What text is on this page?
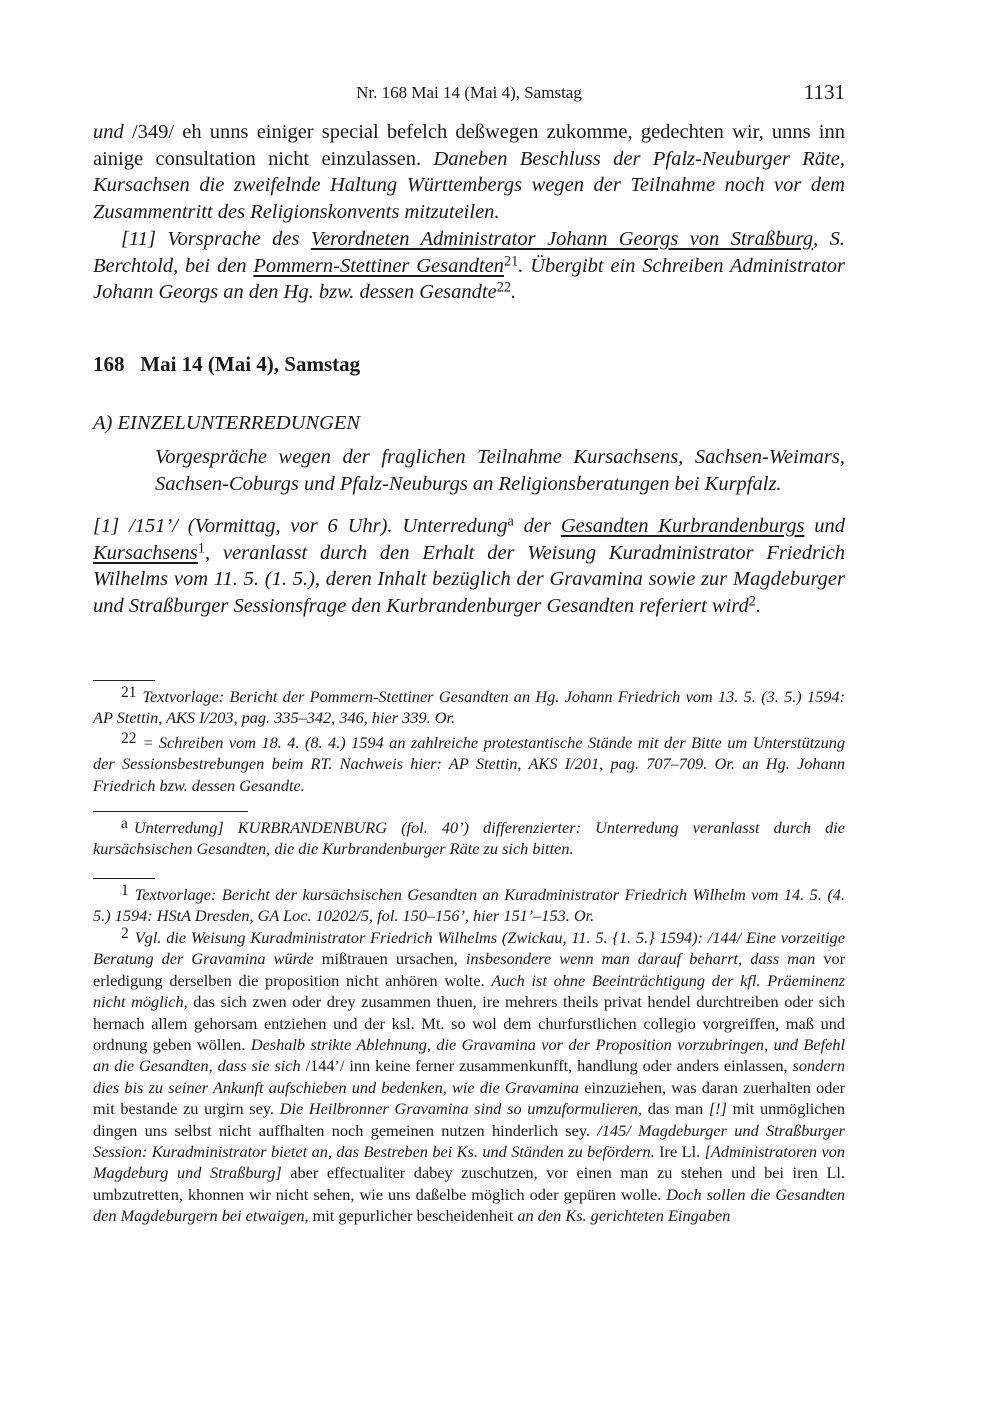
Nr. 168 Mai 14 (Mai 4), Samstag	1131
und /349/ eh unns einiger special befelch deßwegen zukomme, gedechten wir, unns inn ainige consultation nicht einzulassen. Daneben Beschluss der Pfalz-Neuburger Räte, Kursachsen die zweifelnde Haltung Württembergs wegen der Teilnahme noch vor dem Zusammentritt des Religionskonvents mitzuteilen.
[11] Vorsprache des Verordneten Administrator Johann Georgs von Straßburg, S. Berchtold, bei den Pommern-Stettiner Gesandten$^{21}$. Übergibt ein Schreiben Administrator Johann Georgs an den Hg. bzw. dessen Gesandte$^{22}$.
168 Mai 14 (Mai 4), Samstag
A) EINZELUNTERREDUNGEN
Vorgespräche wegen der fraglichen Teilnahme Kursachsens, Sachsen-Weimars, Sachsen-Coburgs und Pfalz-Neuburgs an Religionsberatungen bei Kurpfalz.
[1] /151’/ (Vormittag, vor 6 Uhr). Unterredung$^a$ der Gesandten Kurbrandenburgs und Kursachsens$^1$, veranlasst durch den Erhalt der Weisung Kuradministrator Friedrich Wilhelms vom 11. 5. (1. 5.), deren Inhalt bezüglich der Gravamina sowie zur Magdeburger und Straßburger Sessionsfrage den Kurbrandenburger Gesandten referiert wird$^2$.
21 Textvorlage: Bericht der Pommern-Stettiner Gesandten an Hg. Johann Friedrich vom 13. 5. (3. 5.) 1594: AP Stettin, AKS I/203, pag. 335–342, 346, hier 339. Or.
22 = Schreiben vom 18. 4. (8. 4.) 1594 an zahlreiche protestantische Stände mit der Bitte um Unterstützung der Sessionsbestrebungen beim RT. Nachweis hier: AP Stettin, AKS I/201, pag. 707–709. Or. an Hg. Johann Friedrich bzw. dessen Gesandte.
a Unterredung] KURBRANDENBURG (fol. 40’) differenzierter: Unterredung veranlasst durch die kursächsischen Gesandten, die die Kurbrandenburger Räte zu sich bitten.
1 Textvorlage: Bericht der kursächsischen Gesandten an Kuradministrator Friedrich Wilhelm vom 14. 5. (4. 5.) 1594: HStA Dresden, GA Loc. 10202/5, fol. 150–156’, hier 151’–153. Or.
2 Vgl. die Weisung Kuradministrator Friedrich Wilhelms (Zwickau, 11. 5. {1. 5.} 1594): /144/ Eine vorzeitige Beratung der Gravamina würde mißtrauen ursachen, insbesondere wenn man darauf beharrt, dass man vor erledigung derselben die proposition nicht anhören wolte. Auch ist ohne Beeinträchtigung der kfl. Präeminenz nicht möglich, das sich zwen oder drey zusammen thuen, ire mehrers theils privat hendel durchtreiben oder sich hernach allem gehorsam entziehen und der ksl. Mt. so wol dem churfurstlichen collegio vorgreiffen, maß und ordnung geben wöllen. Deshalb strikte Ablehnung, die Gravamina vor der Proposition vorzubringen, und Befehl an die Gesandten, dass sie sich /144’/ inn keine ferner zusammenkunfft, handlung oder anders einlassen, sondern dies bis zu seiner Ankunft aufschieben und bedenken, wie die Gravamina einzuziehen, was daran zuerhalten oder mit bestande zu urgirn sey. Die Heilbronner Gravamina sind so umzuformulieren, das man [!] mit unmöglichen dingen uns selbst nicht auffhalten noch gemeinen nutzen hinderlich sey. /145/ Magdeburger und Straßburger Session: Kuradministrator bietet an, das Bestreben bei Ks. und Ständen zu befördern. Ire Ll. [Administratoren von Magdeburg und Straßburg] aber effectualiter dabey zuschutzen, vor einen man zu stehen und bei iren Ll. umbzutretten, khonnen wir nicht sehen, wie uns daßelbe möglich oder gepüren wolle. Doch sollen die Gesandten den Magdeburgern bei etwaigen, mit gepurlicher bescheidenheit an den Ks. gerichteten Eingaben
